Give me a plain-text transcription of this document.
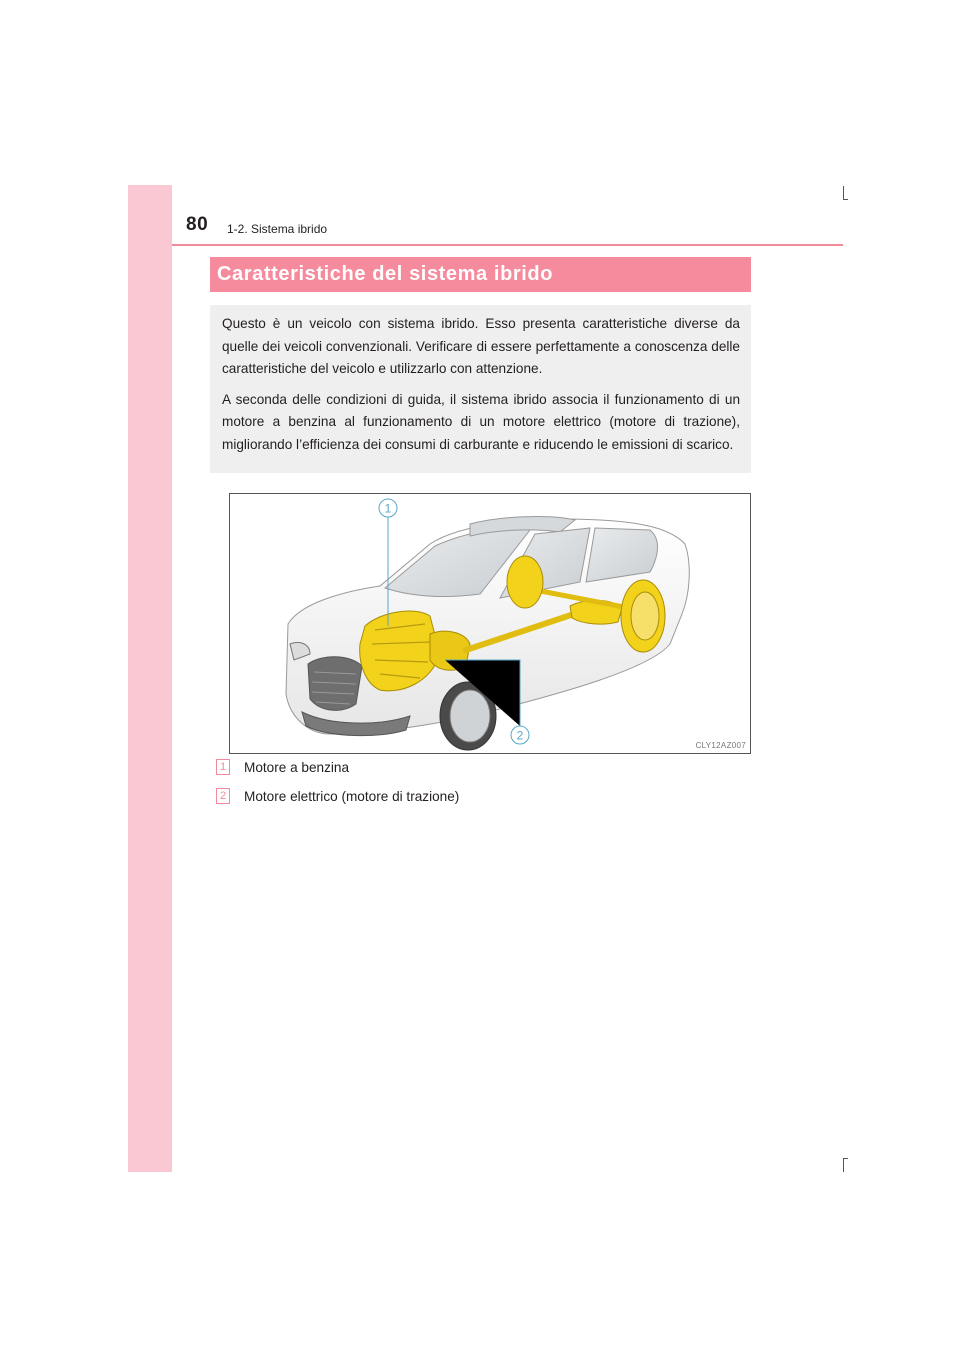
80 1-2. Sistema ibrido
Caratteristiche del sistema ibrido

Questo è un veicolo con sistema ibrido. Esso presenta caratteristiche diverse da quelle dei veicoli convenzionali. Verificare di essere perfettamente a conoscenza delle caratteristiche del veicolo e utilizzarlo con attenzione.

A seconda delle condizioni di guida, il sistema ibrido associa il funzionamento di un motore a benzina al funzionamento di un motore elettrico (motore di trazione), migliorando l’efficienza dei consumi di carburante e riducendo le emissioni di scarico.

1
2
CLY12AZ007
1 Motore a benzina
2 Motore elettrico (motore di trazione)
